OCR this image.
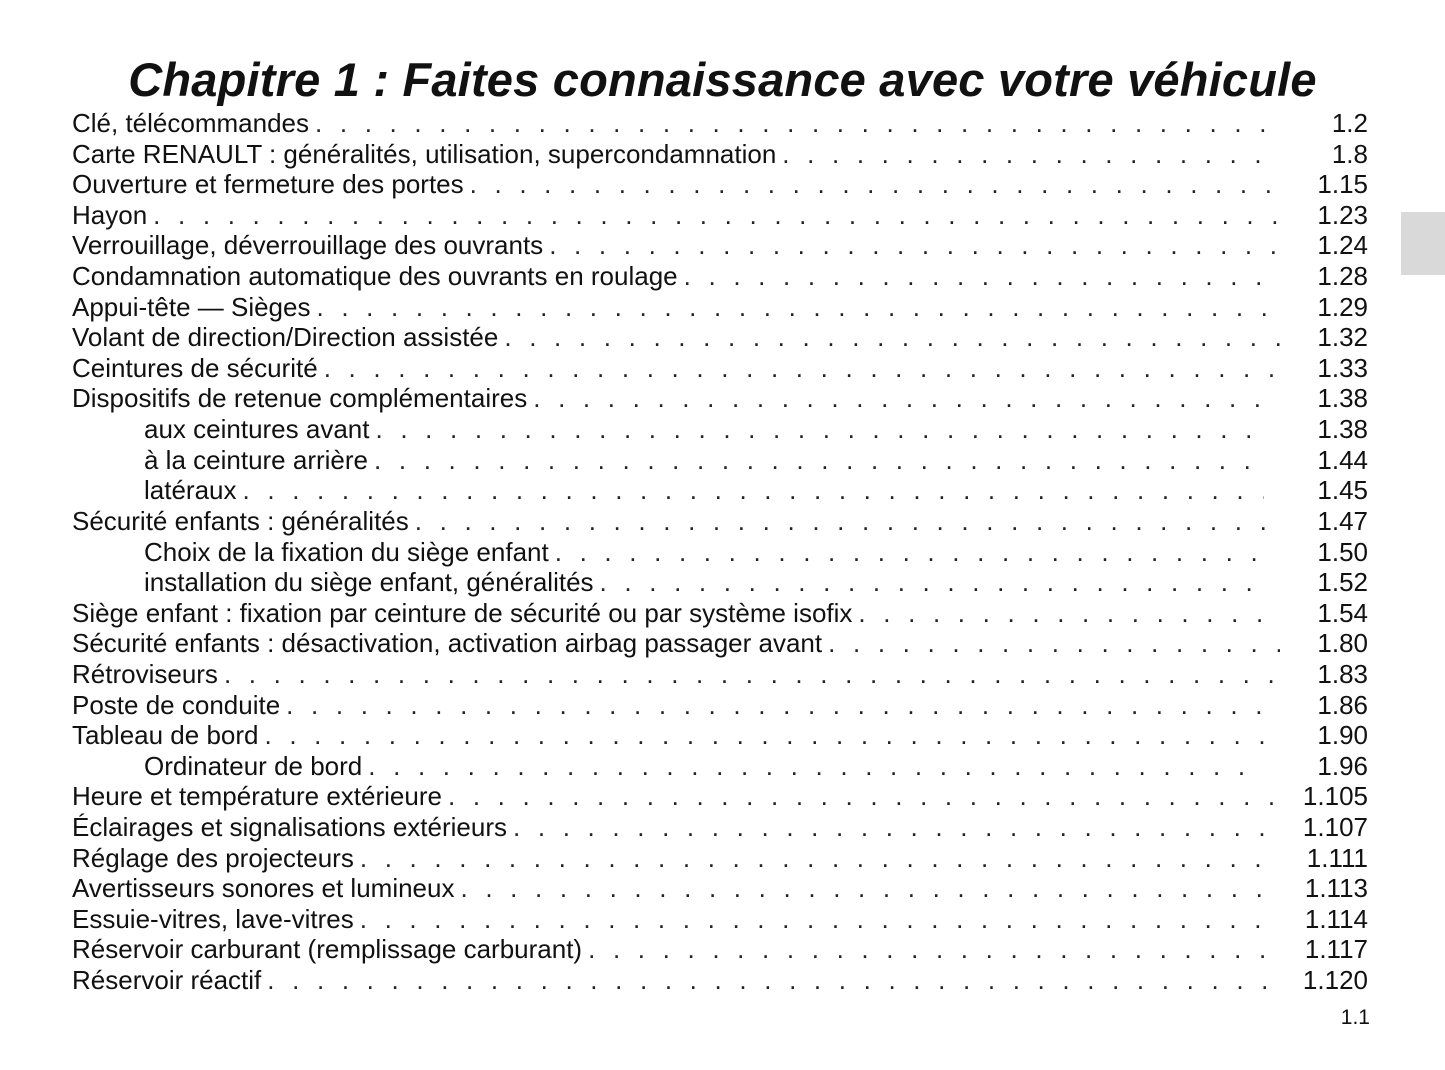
Chapitre 1 : Faites connaissance avec votre véhicule
Clé, télécommandes . . .	1.2
Carte RENAULT : généralités, utilisation, supercondamnation . . .	1.8
Ouverture et fermeture des portes . . .	1.15
Hayon . . .	1.23
Verrouillage, déverrouillage des ouvrants . . .	1.24
Condamnation automatique des ouvrants en roulage . . .	1.28
Appui-tête — Sièges . . .	1.29
Volant de direction/Direction assistée . . .	1.32
Ceintures de sécurité . . .	1.33
Dispositifs de retenue complémentaires . . .	1.38
aux ceintures avant . . .	1.38
à la ceinture arrière . . .	1.44
latéraux . . .	1.45
Sécurité enfants : généralités . . .	1.47
Choix de la fixation du siège enfant . . .	1.50
installation du siège enfant, généralités . . .	1.52
Siège enfant : fixation par ceinture de sécurité ou par système isofix . . .	1.54
Sécurité enfants : désactivation, activation airbag passager avant . . .	1.80
Rétroviseurs . . .	1.83
Poste de conduite . . .	1.86
Tableau de bord . . .	1.90
Ordinateur de bord . . .	1.96
Heure et température extérieure . . .	1.105
Éclairages et signalisations extérieurs . . .	1.107
Réglage des projecteurs . . .	1.111
Avertisseurs sonores et lumineux . . .	1.113
Essuie-vitres, lave-vitres . . .	1.114
Réservoir carburant (remplissage carburant) . . .	1.117
Réservoir réactif . . .	1.120
1.1
